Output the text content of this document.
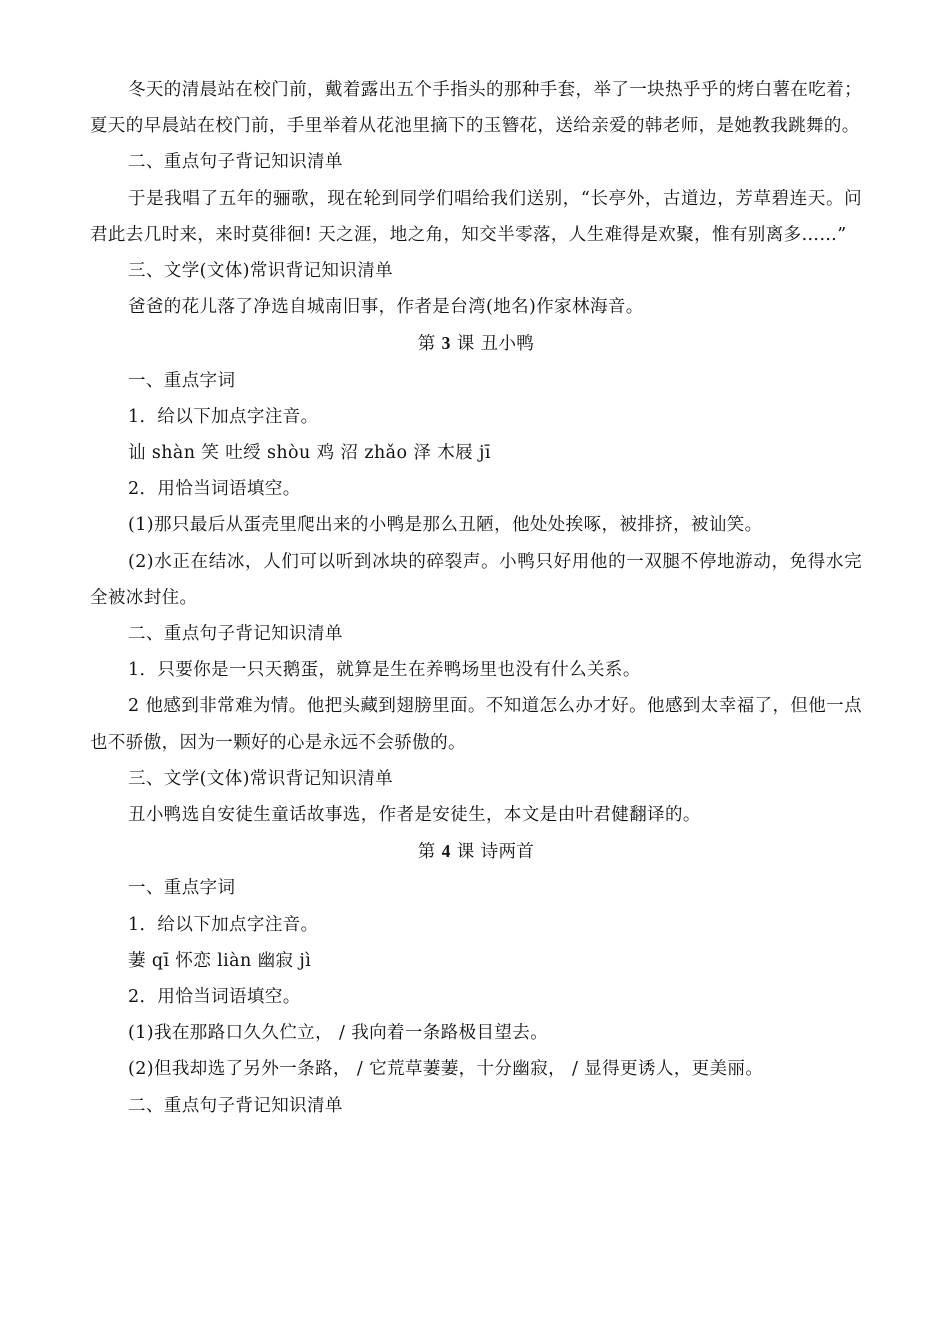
冬天的清晨站在校门前，戴着露出五个手指头的那种手套，举了一块热乎乎的烤白薯在吃着；夏天的早晨站在校门前，手里举着从花池里摘下的玉簪花，送给亲爱的韩老师，是她教我跳舞的。

二、重点句子背记知识清单

于是我唱了五年的骊歌，现在轮到同学们唱给我们送别，“长亭外，古道边，芳草碧连天。问君此去几时来，来时莫徘徊! 天之涯，地之角，知交半零落，人生难得是欢聚，惟有别离多……”

三、文学(文体)常识背记知识清单

爸爸的花儿落了净选自城南旧事，作者是台湾(地名)作家林海音。

第 3 课 丑小鸭

一、重点字词

1．给以下加点字注音。

讪 shàn 笑 吐绶 shòu 鸡 沼 zhǎo 泽 木屐 jī

2．用恰当词语填空。

(1)那只最后从蛋壳里爬出来的小鸭是那么丑陋，他处处挨啄，被排挤，被讪笑。

(2)水正在结冰，人们可以听到冰块的碎裂声。小鸭只好用他的一双腿不停地游动，免得水完全被冰封住。

二、重点句子背记知识清单

1．只要你是一只天鹅蛋，就算是生在养鸭场里也没有什么关系。

2 他感到非常难为情。他把头藏到翅膀里面。不知道怎么办才好。他感到太幸福了，但他一点也不骄傲，因为一颗好的心是永远不会骄傲的。

三、文学(文体)常识背记知识清单

丑小鸭选自安徒生童话故事选，作者是安徒生，本文是由叶君健翻译的。

第 4 课 诗两首

一、重点字词

1．给以下加点字注音。

萋 qī 怀恋 liàn 幽寂 jì

2．用恰当词语填空。

(1)我在那路口久久伫立， / 我向着一条路极目望去。

(2)但我却选了另外一条路， / 它荒草萋萋，十分幽寂， / 显得更诱人，更美丽。

二、重点句子背记知识清单
